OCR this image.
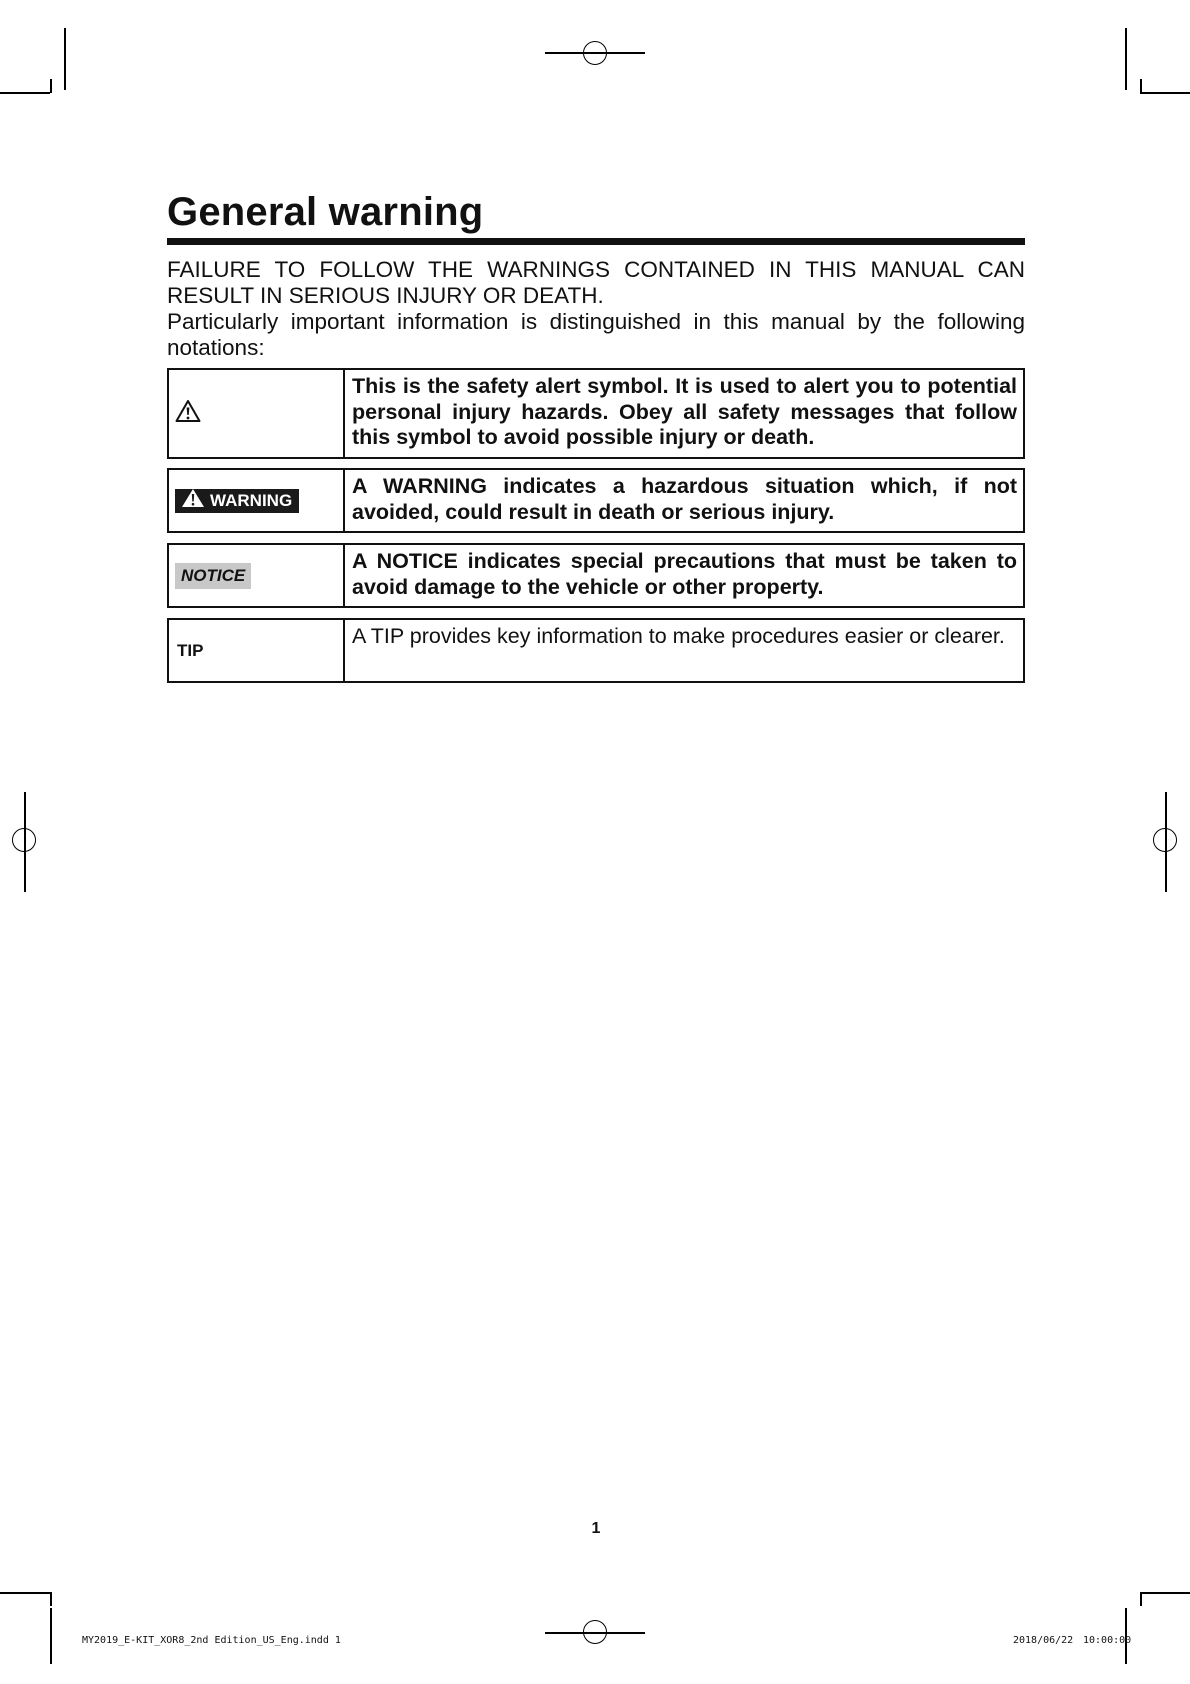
General warning

FAILURE TO FOLLOW THE WARNINGS CONTAINED IN THIS MANUAL CAN RESULT IN SERIOUS INJURY OR DEATH.

Particularly important information is distinguished in this manual by the following notations:

This is the safety alert symbol. It is used to alert you to potential personal injury hazards. Obey all safety messages that follow this symbol to avoid possible injury or death.
WARNING
A WARNING indicates a hazardous situation which, if not avoided, could result in death or serious injury.
NOTICE
A NOTICE indicates special precautions that must be taken to avoid damage to the vehicle or other property.
TIP
A TIP provides key information to make procedures easier or clearer.
1
MY2019_E-KIT_XOR8_2nd Edition_US_Eng.indd 1	2018/06/22 10:00:00
